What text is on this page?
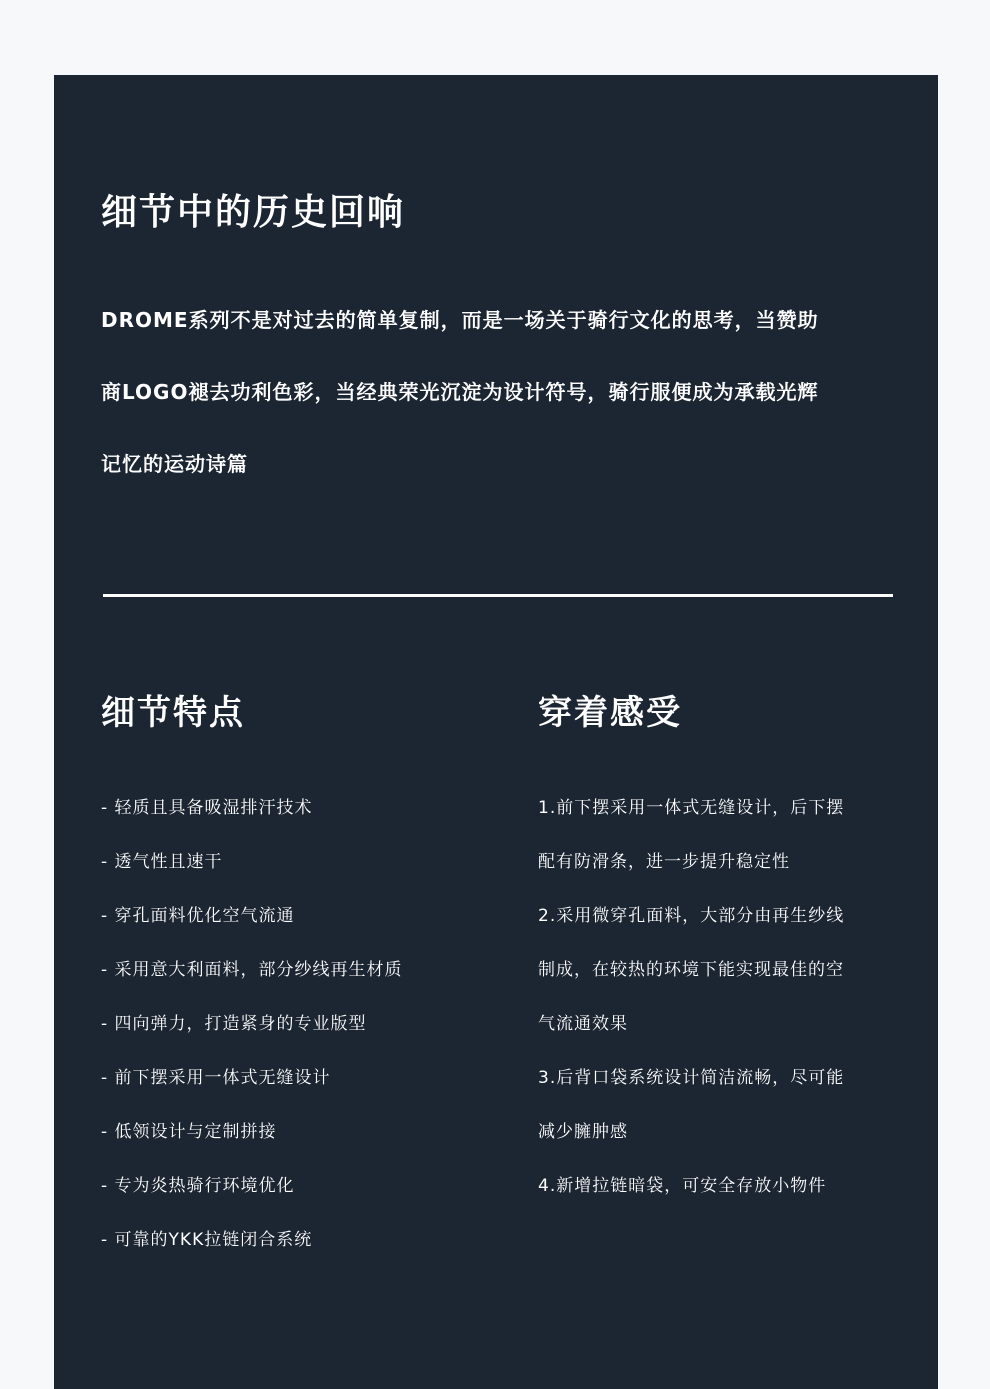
细节中的历史回响
DROME系列不是对过去的简单复制，而是一场关于骑行文化的思考，当赞助
商LOGO褪去功利色彩，当经典荣光沉淀为设计符号，骑行服便成为承载光辉
记忆的运动诗篇
细节特点	穿着感受
- 轻质且具备吸湿排汗技术
- 透气性且速干
- 穿孔面料优化空气流通
- 采用意大利面料，部分纱线再生材质
- 四向弹力，打造紧身的专业版型
- 前下摆采用一体式无缝设计
- 低领设计与定制拼接
- 专为炎热骑行环境优化
- 可靠的YKK拉链闭合系统
1.前下摆采用一体式无缝设计，后下摆
配有防滑条，进一步提升稳定性
2.采用微穿孔面料，大部分由再生纱线
制成，在较热的环境下能实现最佳的空
气流通效果
3.后背口袋系统设计简洁流畅，尽可能
减少臃肿感
4.新增拉链暗袋，可安全存放小物件
